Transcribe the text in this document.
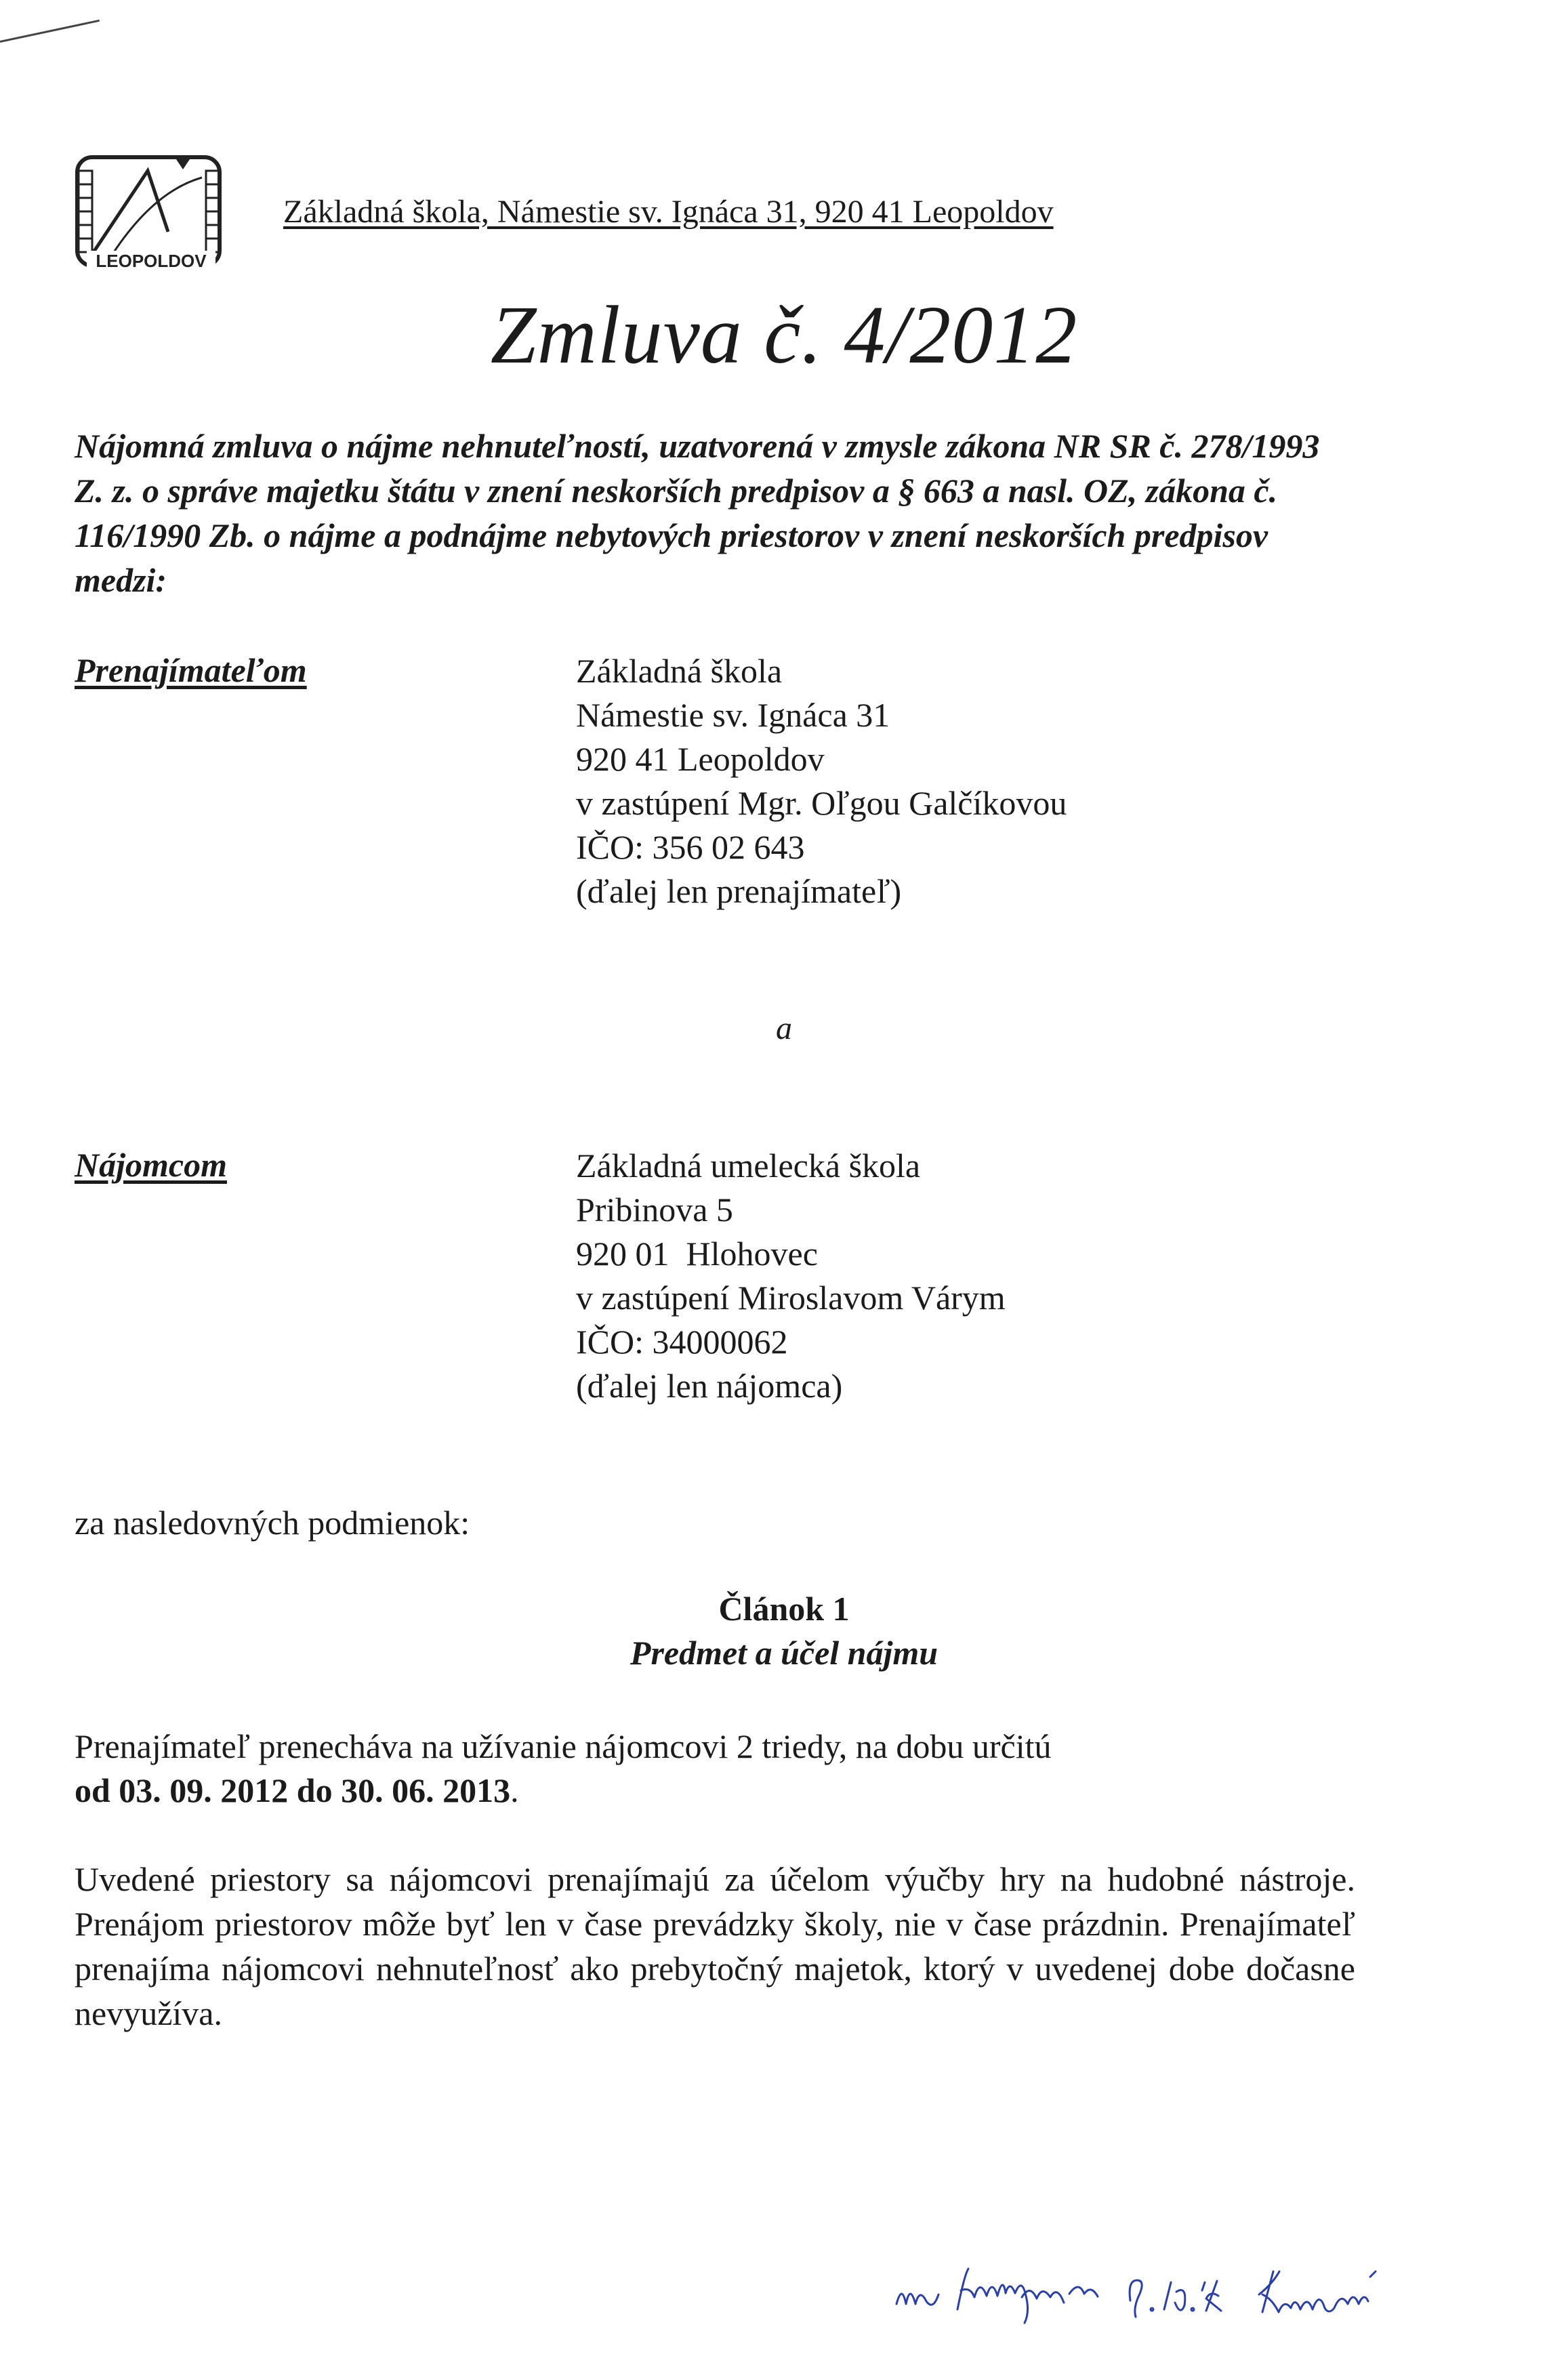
LEOPOLDOV
Základná škola, Námestie sv. Ignáca 31, 920 41 Leopoldov
Zmluva č. 4/2012
Nájomná zmluva o nájme nehnuteľností, uzatvorená v zmysle zákona NR SR č. 278/1993 Z. z. o správe majetku štátu v znení neskorších predpisov a § 663 a nasl. OZ, zákona č. 116/1990 Zb. o nájme a podnájme nebytových priestorov v znení neskorších predpisov medzi:
Prenajímateľom	Základná škola
Námestie sv. Ignáca 31
920 41 Leopoldov
v zastúpení Mgr. Oľgou Galčíkovou
IČO: 356 02 643
(ďalej len prenajímateľ)
a
Nájomcom	Základná umelecká škola
Pribinova 5
920 01  Hlohovec
v zastúpení Miroslavom Várym
IČO: 34000062
(ďalej len nájomca)
za nasledovných podmienok:
Článok 1
Predmet a účel nájmu
Prenajímateľ prenecháva na užívanie nájomcovi 2 triedy, na dobu určitú
od 03. 09. 2012 do 30. 06. 2013.
Uvedené priestory sa nájomcovi prenajímajú za účelom výučby hry na hudobné nástroje. Prenájom priestorov môže byť len v čase prevádzky školy, nie v čase prázdnin. Prenajímateľ prenajíma nájomcovi nehnuteľnosť ako prebytočný majetok, ktorý v uvedenej dobe dočasne nevyužíva.
